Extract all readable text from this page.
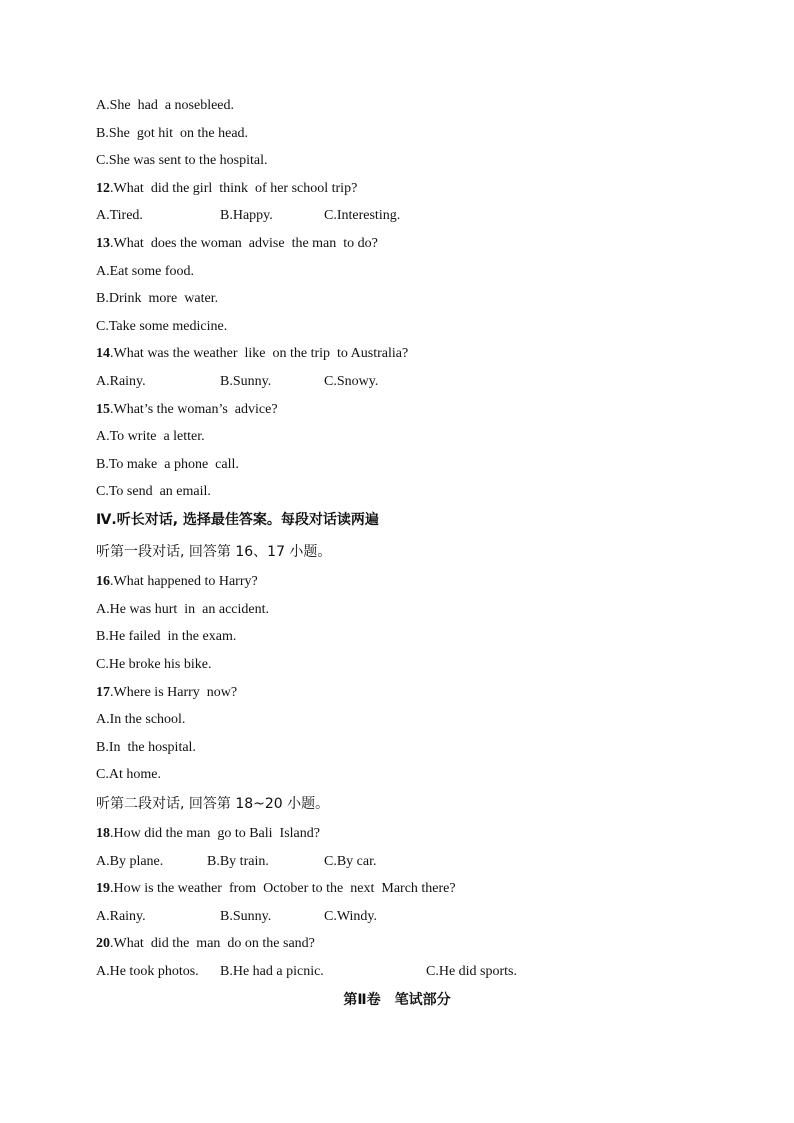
A.She  had  a nosebleed.
B.She  got hit  on the head.
C.She was sent to the hospital.
12.What  did the girl  think  of her school trip?

A.Tired.

	B.Happy.

	C.Interesting.

13.What  does the woman  advise  the man  to do?
A.Eat some food.
B.Drink  more  water.
C.Take some medicine.
14.What was the weather  like  on the trip  to Australia?

A.Rainy.

	B.Sunny.

	C.Snowy.

15.What’s the woman’s  advice?
A.To write  a letter.
B.To make  a phone  call.
C.To send  an email.
Ⅳ.听长对话, 选择最佳答案。每段对话读两遍
听第一段对话, 回答第 16、17 小题。
16.What happened to Harry?
A.He was hurt  in  an accident.
B.He failed  in the exam.
C.He broke his bike.
17.Where is Harry  now?
A.In the school.
B.In  the hospital.
C.At home.
听第二段对话, 回答第 18~20 小题。
18.How did the man  go to Bali  Island?

A.By plane.

	B.By train.

	C.By car.

19.How is the weather  from  October to the  next  March there?

A.Rainy.

	B.Sunny.

	C.Windy.

20.What  did the  man  do on the sand?

A.He took photos.

B.He had a picnic.

	C.He did sports.

第Ⅱ卷　笔试部分
